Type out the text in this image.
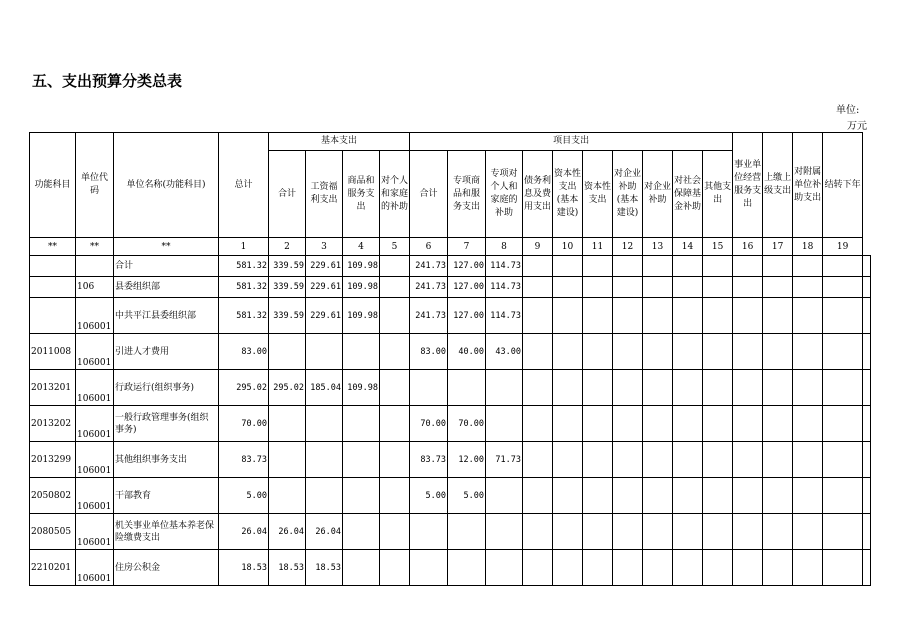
五、支出预算分类总表
单位:
万元
功能科目	单位代码	单位名称(功能科目)	总计	基本支出				项目支出										事业单位经营服务支出	上缴上级支出	对附属单位补助支出	结转下年	
				合计	工资福利支出	商品和服务支出	对个人和家庭的补助	合计	专项商品和服务支出	专项对个人和家庭的补助	债务利息及费用支出	资本性支出(基本建设)	资本性支出	对企业补助(基本建设)	对企业补助	对社会保障基金补助	其他支出					
**	**	**	1	2	3	4	5	6	7	8	9	10	11	12	13	14	15	16	17	18	19	
		合计	581.32	339.59	229.61	109.98		241.73	127.00	114.73												
	106	县委组织部	581.32	339.59	229.61	109.98		241.73	127.00	114.73												
	106001	中共平江县委组织部	581.32	339.59	229.61	109.98		241.73	127.00	114.73												
2011008	106001	引进人才费用	83.00					83.00	40.00	43.00												
2013201	106001	行政运行(组织事务)	295.02	295.02	185.04	109.98																
2013202	106001	一般行政管理事务(组织事务)	70.00					70.00	70.00													
2013299	106001	其他组织事务支出	83.73					83.73	12.00	71.73												
2050802	106001	干部教育	5.00					5.00	5.00													
2080505	106001	机关事业单位基本养老保险缴费支出	26.04	26.04	26.04																	
2210201	106001	住房公积金	18.53	18.53	18.53																	
